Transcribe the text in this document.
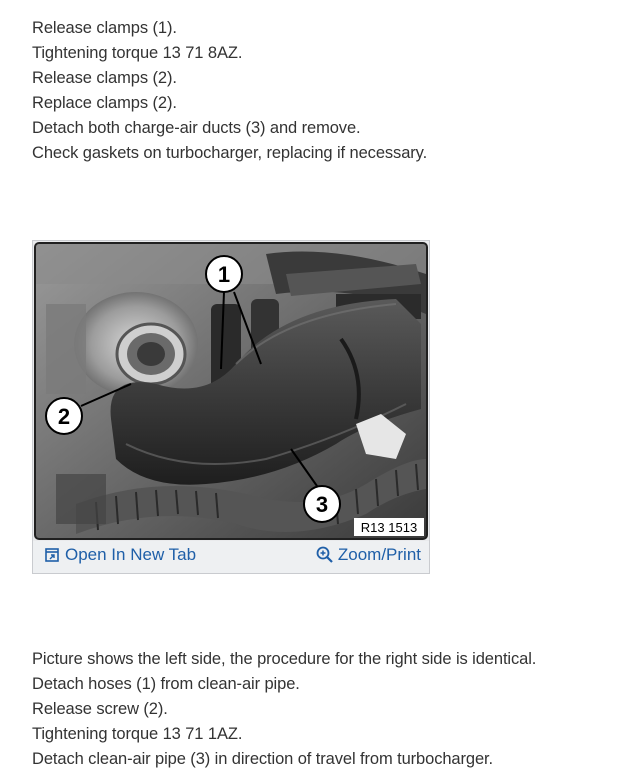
Release clamps (1).
Tightening torque 13 71 8AZ.
Release clamps (2).
Replace clamps (2).
Detach both charge-air ducts (3) and remove.
Check gaskets on turbocharger, replacing if necessary.
1
2
3
R13 1513
Open In New Tab	Zoom/Print
Picture shows the left side, the procedure for the right side is identical.
Detach hoses (1) from clean-air pipe.
Release screw (2).
Tightening torque 13 71 1AZ.
Detach clean-air pipe (3) in direction of travel from turbocharger.
